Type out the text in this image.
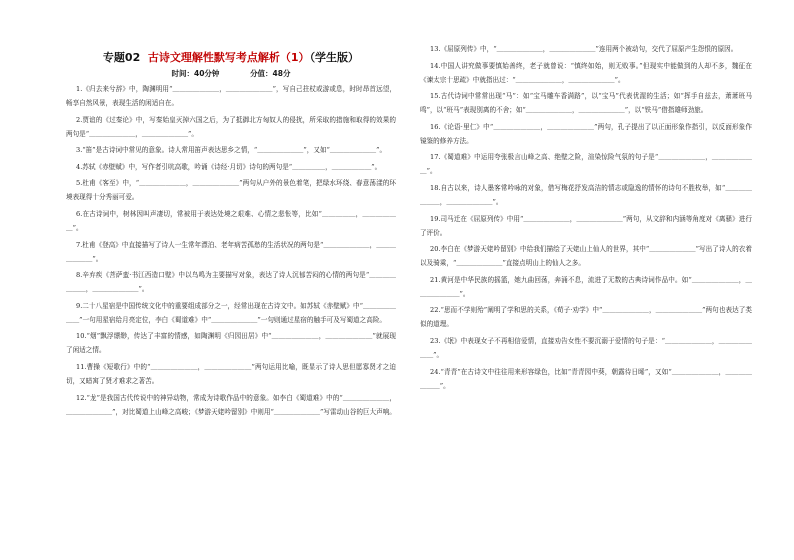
专题02 古诗文理解性默写考点解析（1）（学生版）
时间：40分钟	分值：48分

1.《归去来兮辞》中，陶渊明用“＿＿＿＿＿＿＿，＿＿＿＿＿＿＿”，写自己拄杖或游或息，时时昂首远望，畅享自然风景，表现生活的闲适自在。

2.贾谊的《过秦论》中，写秦始皇灭掉六国之后，为了抵御北方匈奴人的侵扰，所采取的措施和取得的效果的两句是“＿＿＿＿＿＿＿，＿＿＿＿＿＿＿”。

3.“笛”是古诗词中常见的意象。诗人常用笛声表达思乡之情，“＿＿＿＿＿＿＿”，又如“＿＿＿＿＿＿＿”。

4.苏轼《赤壁赋》中，写作者引吭高歌，吟诵《诗经·月切》诗句的两句是“＿＿＿＿＿，＿＿＿＿＿＿”。

5.杜甫《客至》中，“＿＿＿＿＿＿＿，＿＿＿＿＿＿＿”两句从户外的景色着笔，把绿水环绕、春意荡漾的环境表现得十分秀丽可爱。

6.在古诗词中，树林因叫声凄切，常被用于表达处境之艰难、心情之悲怅等，比如“＿＿＿＿＿，＿＿＿＿＿＿”。

7.杜甫《登高》中直接描写了诗人一生常年漂泊、老年病苦孤愁的生活状况的两句是“＿＿＿＿＿＿＿，＿＿＿＿＿＿＿”。

8.辛弃疾《菩萨蛮·书江西造口壁》中以鸟鸣为主要描写对象，表达了诗人沉郁苦闷的心情的两句是“＿＿＿＿＿＿＿，＿＿＿＿＿＿＿”。

9.二十八星宿是中国传统文化中的重要组成部分之一，经常出现在古诗文中。如苏轼《赤壁赋》中“＿＿＿＿＿＿＿”一句用星宿给月亮定位，李白《蜀道难》中“＿＿＿＿＿＿＿”一句则通过星宿的触手可及写蜀道之高险。

10.“烟”飘浮缥缈，传达了丰富的情感，如陶渊明《归园田居》中“＿＿＿＿＿＿＿，＿＿＿＿＿＿＿”就展现了闲适之情。

11.曹操《短歌行》中的“＿＿＿＿＿＿＿，＿＿＿＿＿＿＿”两句运用比喻，既显示了诗人思但愿寡贤才之迫切，又暗寓了贤才难求之著苦。

12.“龙”是我国古代传说中的神异动物，常成为诗歌作品中的意象。如李白《蜀道难》中的“＿＿＿＿＿＿＿，＿＿＿＿＿＿＿”，对比蜀道上山峰之高峻；《梦游天姥吟留别》中则用“＿＿＿＿＿＿＿”写雷动山谷的巨大声响。

13.《屈原列传》中，“＿＿＿＿＿＿＿，＿＿＿＿＿＿＿”连用两个被动句，交代了屈原产生怨恨的原因。

14.中国人讲究做事要慎始善终，老子就曾说：“慎终如始，则无败事。”但现实中能做到的人却不多，魏征在《谏太宗十思疏》中就指出过：“＿＿＿＿＿＿＿，＿＿＿＿＿＿＿”。

15.古代诗词中常常出现“马”：如“宝马雕车香满路”，以“宝马”代表优渥的生活；如“挥手自兹去，萧萧班马鸣”，以“班马”表现别离的不舍；如“＿＿＿＿＿＿＿，＿＿＿＿＿＿＿”，以“铁马”借指雄师劲旅。

16.《论语·里仁》中“＿＿＿＿＿＿＿，＿＿＿＿＿＿＿”两句，孔子提出了以正面形象作指引，以反面形象作镜鉴的修养方法。

17.《蜀道难》中运用夸张极言山峰之高、绝壁之险，渲染惊险气氛的句子是“＿＿＿＿＿＿＿，＿＿＿＿＿＿＿”。

18.自古以来，诗人墨客常吟咏的对象，借写梅花抒发高洁的情志或隐逸的情怀的诗句不胜枚举，如“＿＿＿＿＿＿＿，＿＿＿＿＿＿＿”。

19.司马迁在《屈原列传》中用“＿＿＿＿＿＿＿，＿＿＿＿＿＿＿”两句，从文辞和内涵等角度对《离骚》进行了评价。

20.李白在《梦游天姥吟留别》中给我们描绘了天姥山上仙人的世界，其中“＿＿＿＿＿＿＿”写出了诗人的衣着以及骑乘，“＿＿＿＿＿＿＿”直接点明山上的仙人之多。

21.黄河是中华民族的摇篮，她九曲回荡，奔涌不息，流进了无数的古典诗词作品中。如“＿＿＿＿＿＿＿，＿＿＿＿＿＿＿”。

22.“思而不学则殆”阐明了学和思的关系，《荀子·劝学》中“＿＿＿＿＿＿＿，＿＿＿＿＿＿＿”两句也表达了类似的道理。

23.《氓》中表现女子不再相信爱情，直接劝告女性不要沉溺于爱情的句子是：“＿＿＿＿＿＿＿，＿＿＿＿＿＿＿”。

24.“青青”在古诗文中往往用来形容绿色，比如“青青园中葵，朝露待日晞”，又如“＿＿＿＿＿＿＿，＿＿＿＿＿＿＿”。
